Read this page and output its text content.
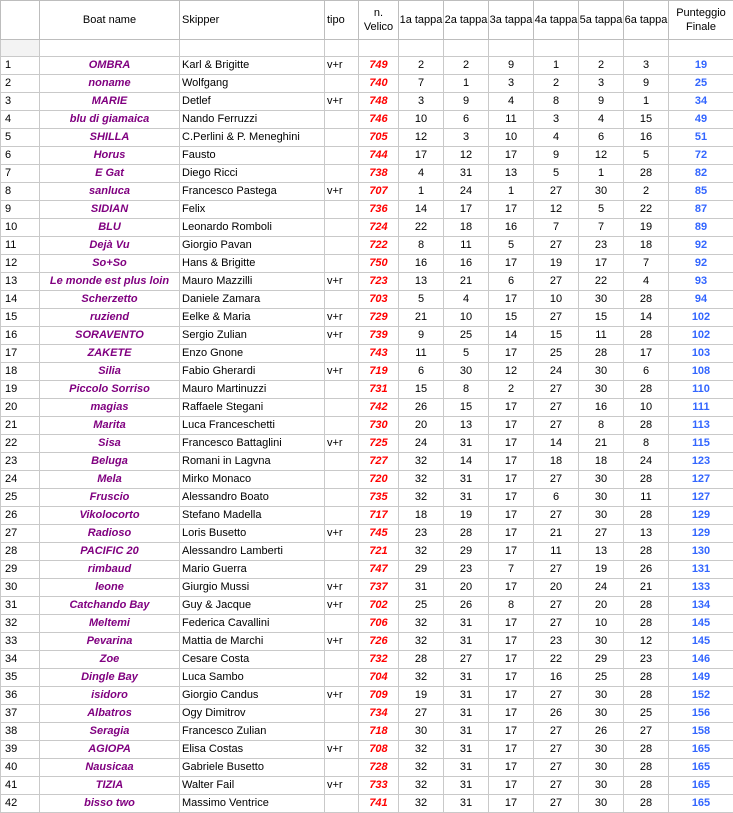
	Boat name	Skipper	tipo	n. Velico	1a tappa	2a tappa	3a tappa	4a tappa	5a tappa	6a tappa	Punteggio Finale

1	OMBRA	Karl & Brigitte	v+r	749	2	2	9	1	2	3	19
2	noname	Wolfgang		740	7	1	3	2	3	9	25
3	MARIE	Detlef	v+r	748	3	9	4	8	9	1	34
4	blu di giamaica	Nando Ferruzzi		746	10	6	11	3	4	15	49
5	SHILLA	C.Perlini & P. Meneghini		705	12	3	10	4	6	16	51
6	Horus	Fausto		744	17	12	17	9	12	5	72
7	E Gat	Diego Ricci		738	4	31	13	5	1	28	82
8	sanluca	Francesco Pastega	v+r	707	1	24	1	27	30	2	85
9	SIDIAN	Felix		736	14	17	17	12	5	22	87
10	BLU	Leonardo Romboli		724	22	18	16	7	7	19	89
11	Dejà Vu	Giorgio Pavan		722	8	11	5	27	23	18	92
12	So+So	Hans & Brigitte		750	16	16	17	19	17	7	92
13	Le monde est plus loin	Mauro Mazzilli	v+r	723	13	21	6	27	22	4	93
14	Scherzetto	Daniele Zamara		703	5	4	17	10	30	28	94
15	ruziend	Eelke & Maria	v+r	729	21	10	15	27	15	14	102
16	SORAVENTO	Sergio Zulian	v+r	739	9	25	14	15	11	28	102
17	ZAKETE	Enzo Gnone		743	11	5	17	25	28	17	103
18	Silia	Fabio Gherardi	v+r	719	6	30	12	24	30	6	108
19	Piccolo Sorriso	Mauro Martinuzzi		731	15	8	2	27	30	28	110
20	magias	Raffaele Stegani		742	26	15	17	27	16	10	111
21	Marita	Luca Franceschetti		730	20	13	17	27	8	28	113
22	Sisa	Francesco Battaglini	v+r	725	24	31	17	14	21	8	115
23	Beluga	Romani in Lagvna		727	32	14	17	18	18	24	123
24	Mela	Mirko Monaco		720	32	31	17	27	30	28	127
25	Fruscio	Alessandro Boato		735	32	31	17	6	30	11	127
26	Vikolocorto	Stefano Madella		717	18	19	17	27	30	28	129
27	Radioso	Loris Busetto	v+r	745	23	28	17	21	27	13	129
28	PACIFIC 20	Alessandro Lamberti		721	32	29	17	11	13	28	130
29	rimbaud	Mario Guerra		747	29	23	7	27	19	26	131
30	leone	Giurgio Mussi	v+r	737	31	20	17	20	24	21	133
31	Catchando Bay	Guy & Jacque	v+r	702	25	26	8	27	20	28	134
32	Meltemi	Federica Cavallini		706	32	31	17	27	10	28	145
33	Pevarina	Mattia de Marchi	v+r	726	32	31	17	23	30	12	145
34	Zoe	Cesare Costa		732	28	27	17	22	29	23	146
35	Dingle Bay	Luca Sambo		704	32	31	17	16	25	28	149
36	isidoro	Giorgio Candus	v+r	709	19	31	17	27	30	28	152
37	Albatros	Ogy Dimitrov		734	27	31	17	26	30	25	156
38	Seragia	Francesco Zulian		718	30	31	17	27	26	27	158
39	AGIOPA	Elisa Costas	v+r	708	32	31	17	27	30	28	165
40	Nausicaa	Gabriele Busetto		728	32	31	17	27	30	28	165
41	TIZIA	Walter Fail	v+r	733	32	31	17	27	30	28	165
42	bisso two	Massimo Ventrice		741	32	31	17	27	30	28	165
